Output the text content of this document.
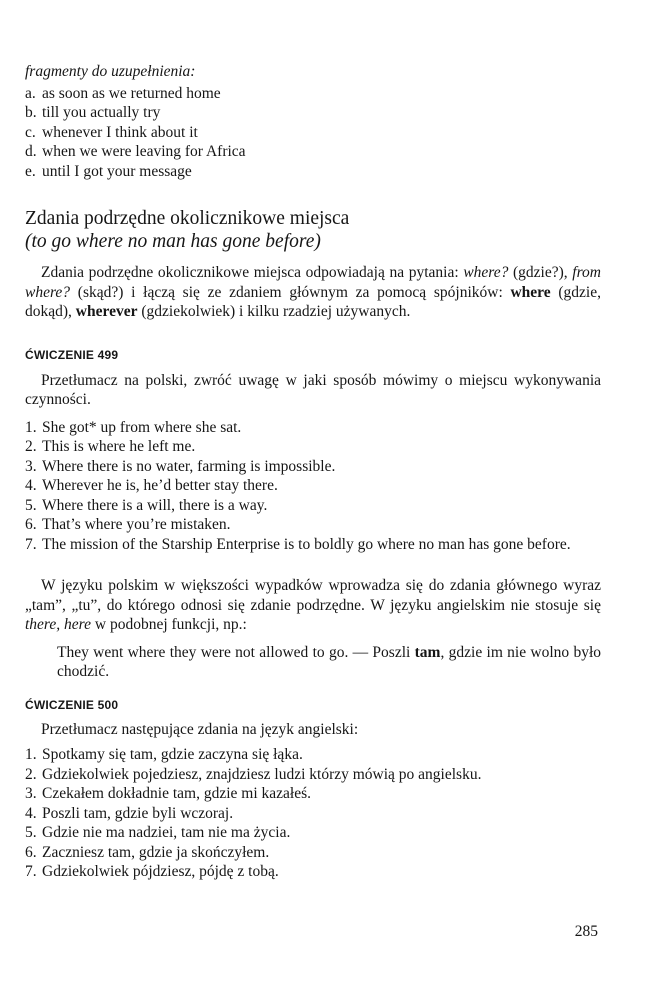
fragmenty do uzupełnienia:

a. as soon as we returned home
b. till you actually try
c. whenever I think about it
d. when we were leaving for Africa
e. until I got your message
Zdania podrzędne okolicznikowe miejsca

(to go where no man has gone before)

Zdania podrzędne okolicznikowe miejsca odpowiadają na pytania: where? (gdzie?), from where? (skąd?) i łączą się ze zdaniem głównym za pomocą spójników: where (gdzie, dokąd), wherever (gdziekolwiek) i kilku rzadziej używanych.

ĆWICZENIE 499

Przetłumacz na polski, zwróć uwagę w jaki sposób mówimy o miejscu wykonywania czynności.

1. She got* up from where she sat.
2. This is where he left me.
3. Where there is no water, farming is impossible.
4. Wherever he is, he’d better stay there.
5. Where there is a will, there is a way.
6. That’s where you’re mistaken.
7. The mission of the Starship Enterprise is to boldly go where no man has gone before.

W języku polskim w większości wypadków wprowadza się do zdania głównego wyraz „tam”, „tu”, do którego odnosi się zdanie podrzędne. W języku angielskim nie stosuje się there, here w podobnej funkcji, np.:

They went where they were not allowed to go. — Poszli tam, gdzie im nie wolno było chodzić.

ĆWICZENIE 500

Przetłumacz następujące zdania na język angielski:

1. Spotkamy się tam, gdzie zaczyna się łąka.
2. Gdziekolwiek pojedziesz, znajdziesz ludzi którzy mówią po angielsku.
3. Czekałem dokładnie tam, gdzie mi kazałeś.
4. Poszli tam, gdzie byli wczoraj.
5. Gdzie nie ma nadziei, tam nie ma życia.
6. Zaczniesz tam, gdzie ja skończyłem.
7. Gdziekolwiek pójdziesz, pójdę z tobą.
285
